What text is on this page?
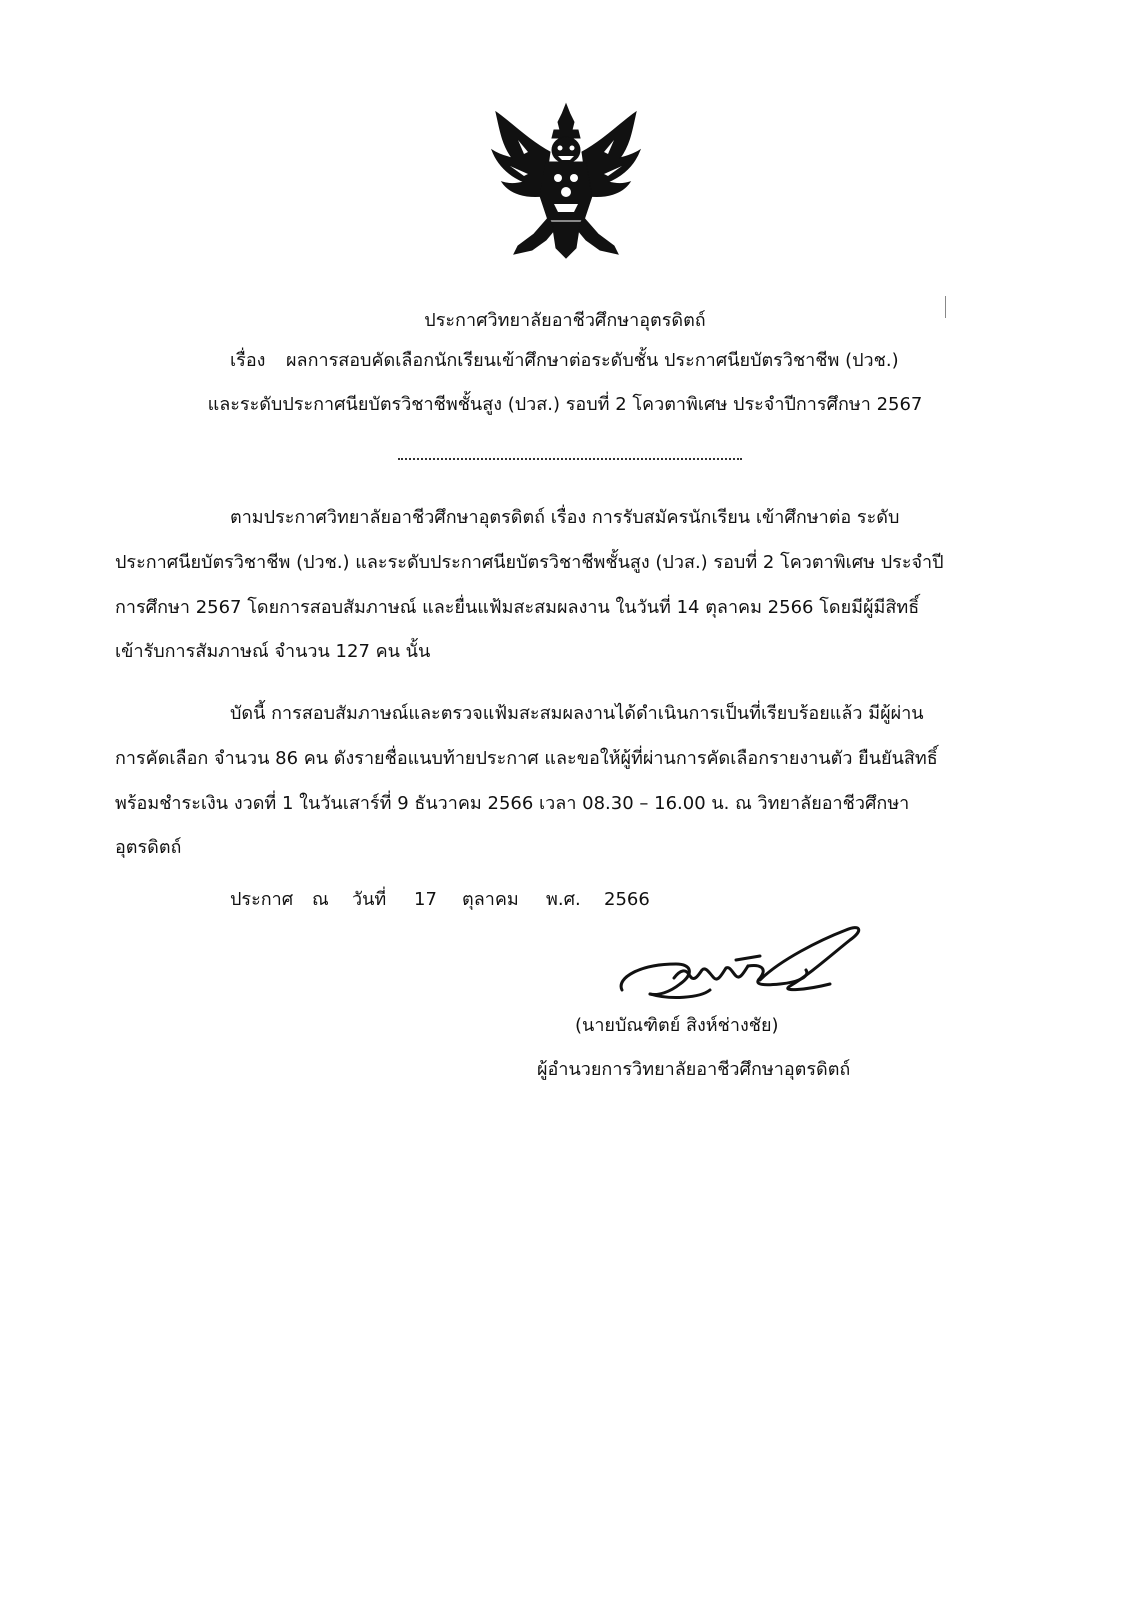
ประกาศวิทยาลัยอาชีวศึกษาอุตรดิตถ์
เรื่อง ผลการสอบคัดเลือกนักเรียนเข้าศึกษาต่อระดับชั้น ประกาศนียบัตรวิชาชีพ (ปวช.)
และระดับประกาศนียบัตรวิชาชีพชั้นสูง (ปวส.) รอบที่ 2 โควตาพิเศษ ประจำปีการศึกษา 2567
ตามประกาศวิทยาลัยอาชีวศึกษาอุตรดิตถ์ เรื่อง การรับสมัครนักเรียน เข้าศึกษาต่อ ระดับ
ประกาศนียบัตรวิชาชีพ (ปวช.) และระดับประกาศนียบัตรวิชาชีพชั้นสูง (ปวส.) รอบที่ 2 โควตาพิเศษ ประจำปี
การศึกษา 2567 โดยการสอบสัมภาษณ์ และยื่นแฟ้มสะสมผลงาน ในวันที่ 14 ตุลาคม 2566 โดยมีผู้มีสิทธิ์
เข้ารับการสัมภาษณ์ จำนวน 127 คน นั้น
บัดนี้ การสอบสัมภาษณ์และตรวจแฟ้มสะสมผลงานได้ดำเนินการเป็นที่เรียบร้อยแล้ว มีผู้ผ่าน
การคัดเลือก จำนวน 86 คน ดังรายชื่อแนบท้ายประกาศ และขอให้ผู้ที่ผ่านการคัดเลือกรายงานตัว ยืนยันสิทธิ์
พร้อมชำระเงิน งวดที่ 1 ในวันเสาร์ที่ 9 ธันวาคม 2566 เวลา 08.30 – 16.00 น. ณ วิทยาลัยอาชีวศึกษา
อุตรดิตถ์
ประกาศ ณ วันที่ 17 ตุลาคม พ.ศ. 2566
(นายบัณฑิตย์ สิงห์ช่างชัย)
ผู้อำนวยการวิทยาลัยอาชีวศึกษาอุตรดิตถ์
